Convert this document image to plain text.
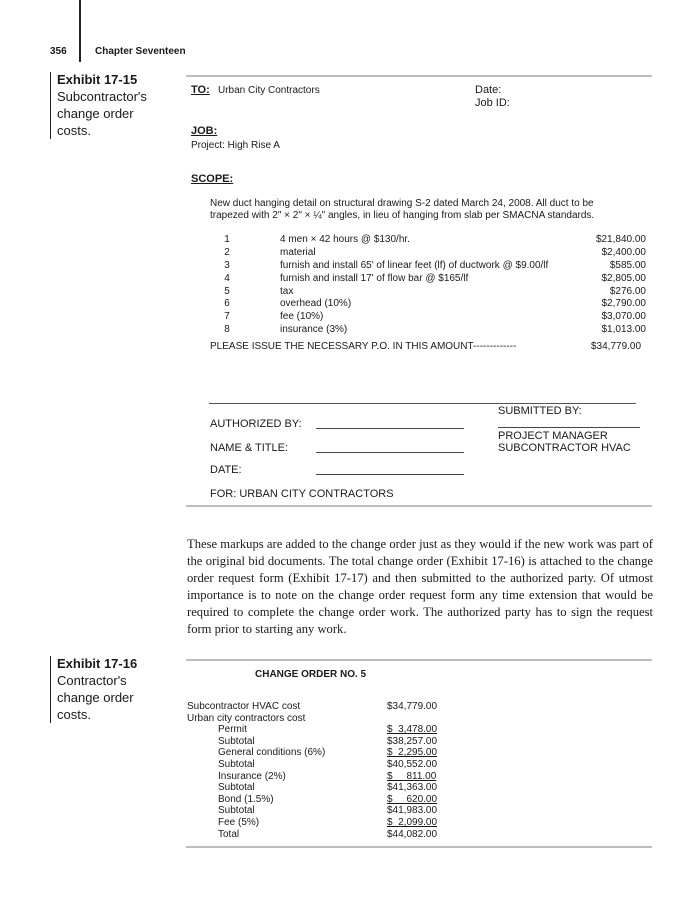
356	Chapter Seventeen
Exhibit 17-15
Subcontractor's
change order
costs.
TO: Urban City Contractors	Date:
Job ID:
JOB:
Project: High Rise A
SCOPE:
New duct hanging detail on structural drawing S-2 dated March 24, 2008. All duct to be
trapezed with 2" × 2" × ¼" angles, in lieu of hanging from slab per SMACNA standards.
1	4 men × 42 hours @ $130/hr.	$21,840.00
2	material	$2,400.00
3	furnish and install 65' of linear feet (lf) of ductwork @ $9.00/lf	$585.00
4	furnish and install 17' of flow bar @ $165/lf	$2,805.00
5	tax	$276.00
6	overhead (10%)	$2,790.00
7	fee (10%)	$3,070.00
8	insurance (3%)	$1,013.00
PLEASE ISSUE THE NECESSARY P.O. IN THIS AMOUNT-------------	$34,779.00
SUBMITTED BY:
AUTHORIZED BY:
PROJECT MANAGER
NAME & TITLE:	SUBCONTRACTOR HVAC
DATE:
FOR: URBAN CITY CONTRACTORS

These markups are added to the change order just as they would if the new work was part of the original bid documents. The total change order (Exhibit 17-16) is attached to the change order request form (Exhibit 17-17) and then submitted to the authorized party. Of utmost importance is to note on the change order request form any time extension that would be required to complete the change order work. The authorized party has to sign the request form prior to starting any work.

Exhibit 17-16
Contractor's
change order
costs.
CHANGE ORDER NO. 5
Subcontractor HVAC cost	$34,779.00
Urban city contractors cost
Permit	$  3,478.00
Subtotal	$38,257.00
General conditions (6%)	$  2,295.00
Subtotal	$40,552.00
Insurance (2%)	$     811.00
Subtotal	$41,363.00
Bond (1.5%)	$     620.00
Subtotal	$41,983.00
Fee (5%)	$  2,099.00
Total	$44,082.00
